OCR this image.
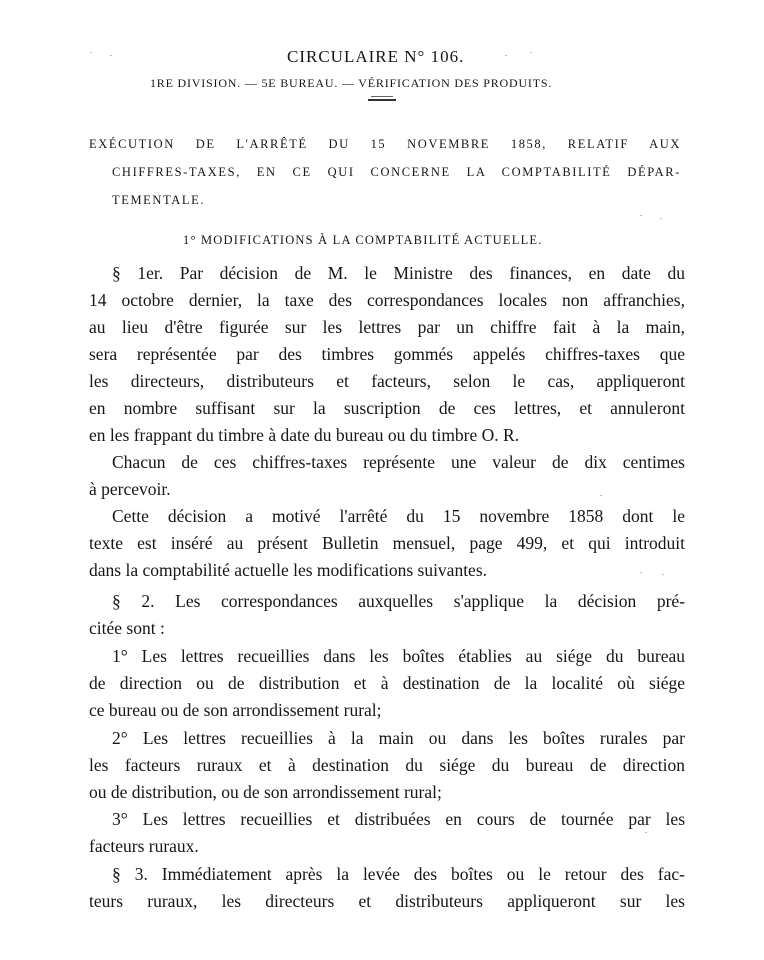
CIRCULAIRE N° 106.
1RE DIVISION. — 5E BUREAU. — VÉRIFICATION DES PRODUITS.
EXÉCUTION DE L'ARRÊTÉ DU 15 NOVEMBRE 1858, RELATIF AUX
CHIFFRES-TAXES, EN CE QUI CONCERNE LA COMPTABILITÉ DÉPAR-
TEMENTALE.
1° MODIFICATIONS À LA COMPTABILITÉ ACTUELLE.
§ 1er. Par décision de M. le Ministre des finances, en date du
14 octobre dernier, la taxe des correspondances locales non affranchies,
au lieu d'être figurée sur les lettres par un chiffre fait à la main,
sera représentée par des timbres gommés appelés chiffres-taxes que
les directeurs, distributeurs et facteurs, selon le cas, appliqueront
en nombre suffisant sur la suscription de ces lettres, et annuleront
en les frappant du timbre à date du bureau ou du timbre O. R.
Chacun de ces chiffres-taxes représente une valeur de dix centimes
à percevoir.
Cette décision a motivé l'arrêté du 15 novembre 1858 dont le
texte est inséré au présent Bulletin mensuel, page 499, et qui introduit
dans la comptabilité actuelle les modifications suivantes.
§ 2. Les correspondances auxquelles s'applique la décision pré-
citée sont :
1° Les lettres recueillies dans les boîtes établies au siége du bureau
de direction ou de distribution et à destination de la localité où siége
ce bureau ou de son arrondissement rural;
2° Les lettres recueillies à la main ou dans les boîtes rurales par
les facteurs ruraux et à destination du siége du bureau de direction
ou de distribution, ou de son arrondissement rural;
3° Les lettres recueillies et distribuées en cours de tournée par les
facteurs ruraux.
§ 3. Immédiatement après la levée des boîtes ou le retour des fac-
teurs ruraux, les directeurs et distributeurs appliqueront sur les
